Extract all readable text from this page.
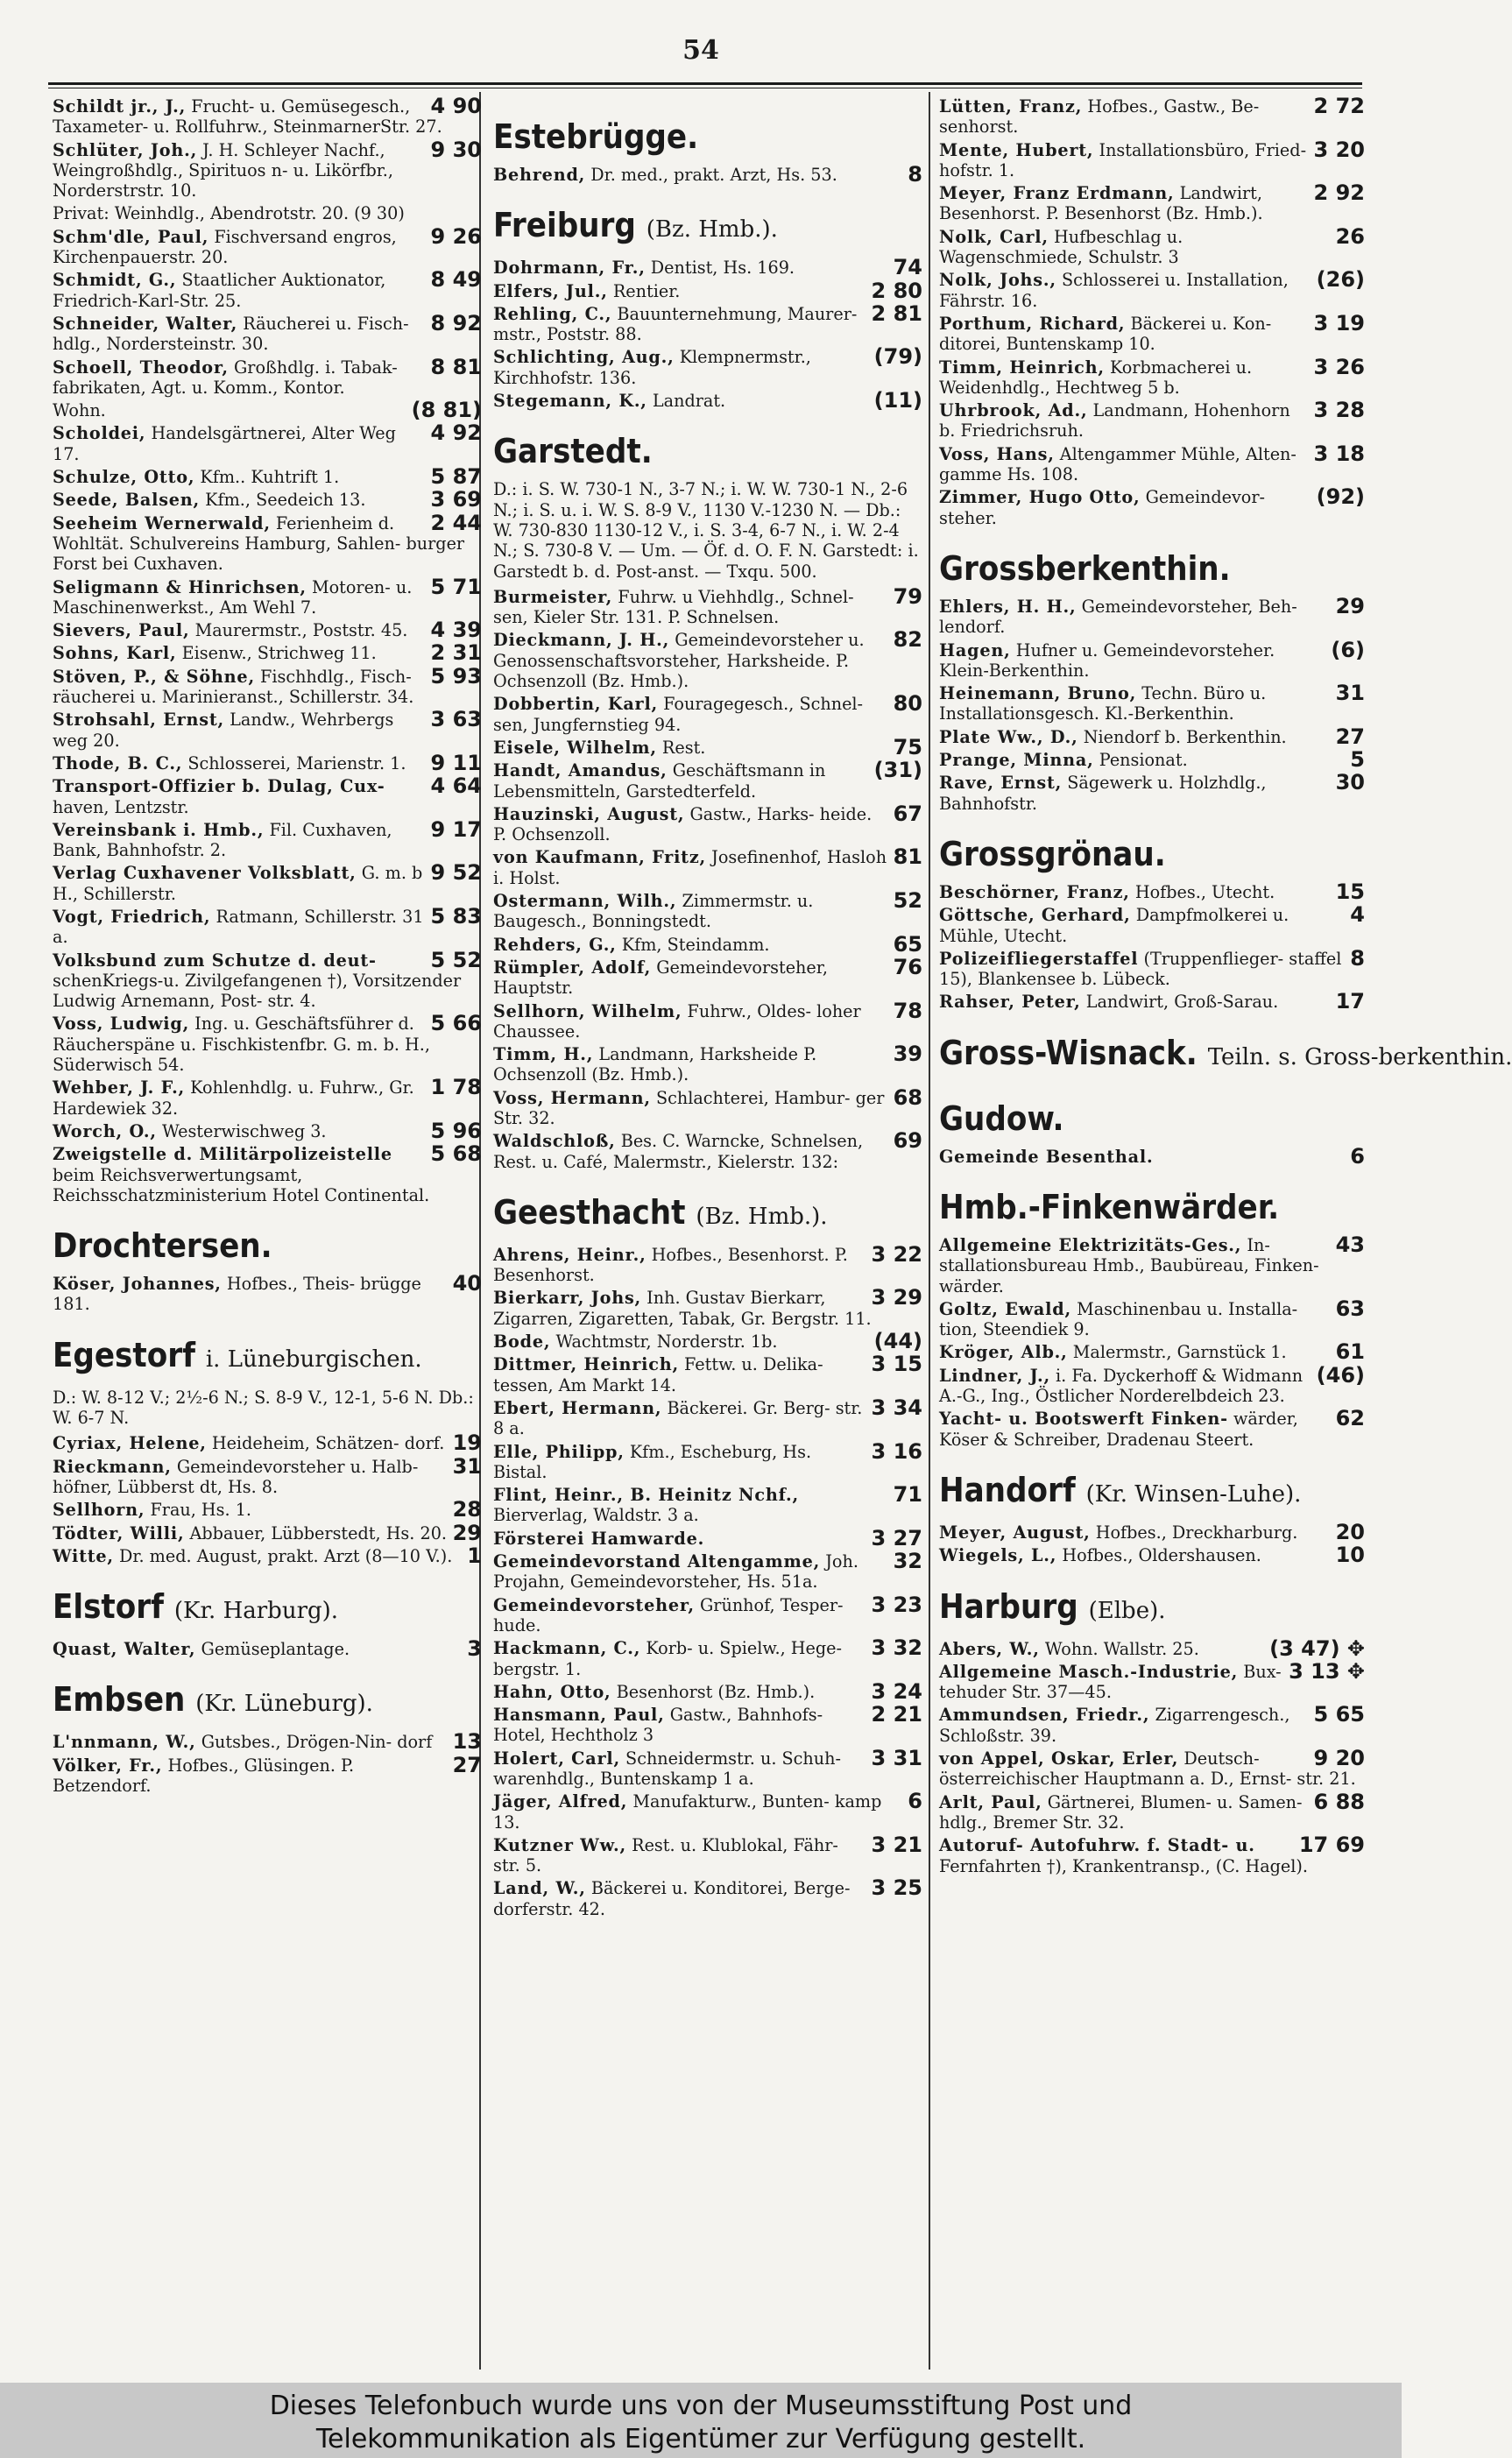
54

4 90
Schildt jr., J., Frucht- u. Gemüsegesch., Taxameter- u. Rollfuhrw., SteinmarnerStr. 27.

9 30
Schlüter, Joh., J. H. Schleyer Nachf., Weingroßhdlg., Spirituos n- u. Likörfbr., Norderstrstr. 10.

Privat: Weinhdlg., Abendrotstr. 20. (9 30)

9 26
Schm'dle, Paul, Fischversand engros, Kirchenpauerstr. 20.

8 49
Schmidt, G., Staatlicher Auktionator, Friedrich-Karl-Str. 25.

8 92
Schneider, Walter, Räucherei u. Fisch- hdlg., Nordersteinstr. 30.

8 81
Schoell, Theodor, Großhdlg. i. Tabak- fabrikaten, Agt. u. Komm., Kontor.

(8 81)
Wohn.

4 92
Scholdei, Handelsgärtnerei, Alter Weg 17.

5 87
Schulze, Otto, Kfm.. Kuhtrift 1.

3 69
Seede, Balsen, Kfm., Seedeich 13.

2 44
Seeheim Wernerwald, Ferienheim d. Wohltät. Schulvereins Hamburg, Sahlen- burger Forst bei Cuxhaven.

5 71
Seligmann & Hinrichsen, Motoren- u. Maschinenwerkst., Am Wehl 7.

4 39
Sievers, Paul, Maurermstr., Poststr. 45.

2 31
Sohns, Karl, Eisenw., Strichweg 11.

5 93
Stöven, P., & Söhne, Fischhdlg., Fisch- räucherei u. Marinieranst., Schillerstr. 34.

3 63
Strohsahl, Ernst, Landw., Wehrbergs weg 20.

9 11
Thode, B. C., Schlosserei, Marienstr. 1.

4 64
Transport-Offizier b. Dulag, Cux- haven, Lentzstr.

9 17
Vereinsbank i. Hmb., Fil. Cuxhaven, Bank, Bahnhofstr. 2.

9 52
Verlag Cuxhavener Volksblatt, G. m. b H., Schillerstr.

5 83
Vogt, Friedrich, Ratmann, Schillerstr. 31 a.

5 52
Volksbund zum Schutze d. deut- schenKriegs-u. Zivilgefangenen †), Vorsitzender Ludwig Arnemann, Post- str. 4.

5 66
Voss, Ludwig, Ing. u. Geschäftsführer d. Räucherspäne u. Fischkistenfbr. G. m. b. H., Süderwisch 54.

1 78
Wehber, J. F., Kohlenhdlg. u. Fuhrw., Gr. Hardewiek 32.

5 96
Worch, O., Westerwischweg 3.

5 68
Zweigstelle d. Militärpolizeistelle beim Reichsverwertungsamt, Reichsschatzministerium Hotel Continental.

Drochtersen.

40
Köser, Johannes, Hofbes., Theis- brügge 181.

Egestorf i. Lüneburgischen.
D.: W. 8-12 V.; 2½-6 N.; S. 8-9 V., 12-1, 5-6 N. Db.: W. 6-7 N.

19
Cyriax, Helene, Heideheim, Schätzen- dorf.

31
Rieckmann, Gemeindevorsteher u. Halb- höfner, Lübberst dt, Hs. 8.

28
Sellhorn, Frau, Hs. 1.

29
Tödter, Willi, Abbauer, Lübberstedt, Hs. 20.

1
Witte, Dr. med. August, prakt. Arzt (8—10 V.).

Elstorf (Kr. Harburg).

3
Quast, Walter, Gemüseplantage.

Embsen (Kr. Lüneburg).

13
L'nnmann, W., Gutsbes., Drögen-Nin- dorf

27
Völker, Fr., Hofbes., Glüsingen. P. Betzendorf.

Estebrügge.

8
Behrend, Dr. med., prakt. Arzt, Hs. 53.

Freiburg (Bz. Hmb.).

74
Dohrmann, Fr., Dentist, Hs. 169.

2 80
Elfers, Jul., Rentier.

2 81
Rehling, C., Bauunternehmung, Maurer- mstr., Poststr. 88.

(79)
Schlichting, Aug., Klempnermstr., Kirchhofstr. 136.

(11)
Stegemann, K., Landrat.

Garstedt.
D.: i. S. W. 730-1 N., 3-7 N.; i. W. W. 730-1 N., 2-6 N.; i. S. u. i. W. S. 8-9 V., 1130 V.-1230 N. — Db.: W. 730-830 1130-12 V., i. S. 3-4, 6-7 N., i. W. 2-4 N.; S. 730-8 V. — Um. — Öf. d. O. F. N. Garstedt: i. Garstedt b. d. Post-anst. — Txqu. 500.

79
Burmeister, Fuhrw. u Viehhdlg., Schnel- sen, Kieler Str. 131. P. Schnelsen.

82
Dieckmann, J. H., Gemeindevorsteher u. Genossenschaftsvorsteher, Harksheide. P. Ochsenzoll (Bz. Hmb.).

80
Dobbertin, Karl, Fouragegesch., Schnel- sen, Jungfernstieg 94.

75
Eisele, Wilhelm, Rest.

(31)
Handt, Amandus, Geschäftsmann in Lebensmitteln, Garstedterfeld.

67
Hauzinski, August, Gastw., Harks- heide. P. Ochsenzoll.

81
von Kaufmann, Fritz, Josefinenhof, Hasloh i. Holst.

52
Ostermann, Wilh., Zimmermstr. u. Baugesch., Bonningstedt.

65
Rehders, G., Kfm, Steindamm.

76
Rümpler, Adolf, Gemeindevorsteher, Hauptstr.

78
Sellhorn, Wilhelm, Fuhrw., Oldes- loher Chaussee.

39
Timm, H., Landmann, Harksheide P. Ochsenzoll (Bz. Hmb.).

68
Voss, Hermann, Schlachterei, Hambur- ger Str. 32.

69
Waldschloß, Bes. C. Warncke, Schnelsen, Rest. u. Café, Malermstr., Kielerstr. 132:

Geesthacht (Bz. Hmb.).

3 22
Ahrens, Heinr., Hofbes., Besenhorst. P. Besenhorst.

3 29
Bierkarr, Johs, Inh. Gustav Bierkarr, Zigarren, Zigaretten, Tabak, Gr. Bergstr. 11.

(44)
Bode, Wachtmstr, Norderstr. 1b.

3 15
Dittmer, Heinrich, Fettw. u. Delika- tessen, Am Markt 14.

3 34
Ebert, Hermann, Bäckerei. Gr. Berg- str. 8 a.

3 16
Elle, Philipp, Kfm., Escheburg, Hs. Bistal.

71
Flint, Heinr., B. Heinitz Nchf., Bierverlag, Waldstr. 3 a.

3 27
Försterei Hamwarde.

32
Gemeindevorstand Altengamme, Joh. Projahn, Gemeindevorsteher, Hs. 51a.

3 23
Gemeindevorsteher, Grünhof, Tesper- hude.

3 32
Hackmann, C., Korb- u. Spielw., Hege- bergstr. 1.

3 24
Hahn, Otto, Besenhorst (Bz. Hmb.).

2 21
Hansmann, Paul, Gastw., Bahnhofs-Hotel, Hechtholz 3

3 31
Holert, Carl, Schneidermstr. u. Schuh- warenhdlg., Buntenskamp 1 a.

6
Jäger, Alfred, Manufakturw., Bunten- kamp 13.

3 21
Kutzner Ww., Rest. u. Klublokal, Fähr- str. 5.

3 25
Land, W., Bäckerei u. Konditorei, Berge- dorferstr. 42.

2 72
Lütten, Franz, Hofbes., Gastw., Be- senhorst.

3 20
Mente, Hubert, Installationsbüro, Fried- hofstr. 1.

2 92
Meyer, Franz Erdmann, Landwirt, Besenhorst. P. Besenhorst (Bz. Hmb.).

26
Nolk, Carl, Hufbeschlag u. Wagenschmiede, Schulstr. 3

(26)
Nolk, Johs., Schlosserei u. Installation, Fährstr. 16.

3 19
Porthum, Richard, Bäckerei u. Kon- ditorei, Buntenskamp 10.

3 26
Timm, Heinrich, Korbmacherei u. Weidenhdlg., Hechtweg 5 b.

3 28
Uhrbrook, Ad., Landmann, Hohenhorn b. Friedrichsruh.

3 18
Voss, Hans, Altengammer Mühle, Alten- gamme Hs. 108.

(92)
Zimmer, Hugo Otto, Gemeindevor- steher.

Grossberkenthin.

29
Ehlers, H. H., Gemeindevorsteher, Beh- lendorf.

(6)
Hagen, Hufner u. Gemeindevorsteher. Klein-Berkenthin.

31
Heinemann, Bruno, Techn. Büro u. Installationsgesch. Kl.-Berkenthin.

27
Plate Ww., D., Niendorf b. Berkenthin.

5
Prange, Minna, Pensionat.

30
Rave, Ernst, Sägewerk u. Holzhdlg., Bahnhofstr.

Grossgrönau.

15
Beschörner, Franz, Hofbes., Utecht.

4
Göttsche, Gerhard, Dampfmolkerei u. Mühle, Utecht.

8
Polizeifliegerstaffel (Truppenflieger- staffel 15), Blankensee b. Lübeck.

17
Rahser, Peter, Landwirt, Groß-Sarau.

Gross-Wisnack. Teiln. s. Gross-berkenthin.
Gudow.

6
Gemeinde Besenthal.

Hmb.-Finkenwärder.

43
Allgemeine Elektrizitäts-Ges., In- stallationsbureau Hmb., Baubüreau, Finken- wärder.

63
Goltz, Ewald, Maschinenbau u. Installa- tion, Steendiek 9.

61
Kröger, Alb., Malermstr., Garnstück 1.

(46)
Lindner, J., i. Fa. Dyckerhoff & Widmann A.-G., Ing., Östlicher Norderelbdeich 23.

62
Yacht- u. Bootswerft Finken- wärder, Köser & Schreiber, Dradenau Steert.

Handorf (Kr. Winsen-Luhe).

20
Meyer, August, Hofbes., Dreckharburg.

10
Wiegels, L., Hofbes., Oldershausen.

Harburg (Elbe).

(3 47) ✥
Abers, W., Wohn. Wallstr. 25.

3 13 ✥
Allgemeine Masch.-Industrie, Bux- tehuder Str. 37—45.

5 65
Ammundsen, Friedr., Zigarrengesch., Schloßstr. 39.

9 20
von Appel, Oskar, Erler, Deutsch- österreichischer Hauptmann a. D., Ernst- str. 21.

6 88
Arlt, Paul, Gärtnerei, Blumen- u. Samen- hdlg., Bremer Str. 32.

17 69
Autoruf- Autofuhrw. f. Stadt- u. Fernfahrten †), Krankentransp., (C. Hagel).

Dieses Telefonbuch wurde uns von der Museumsstiftung Post und
Telekommunikation als Eigentümer zur Verfügung gestellt.
